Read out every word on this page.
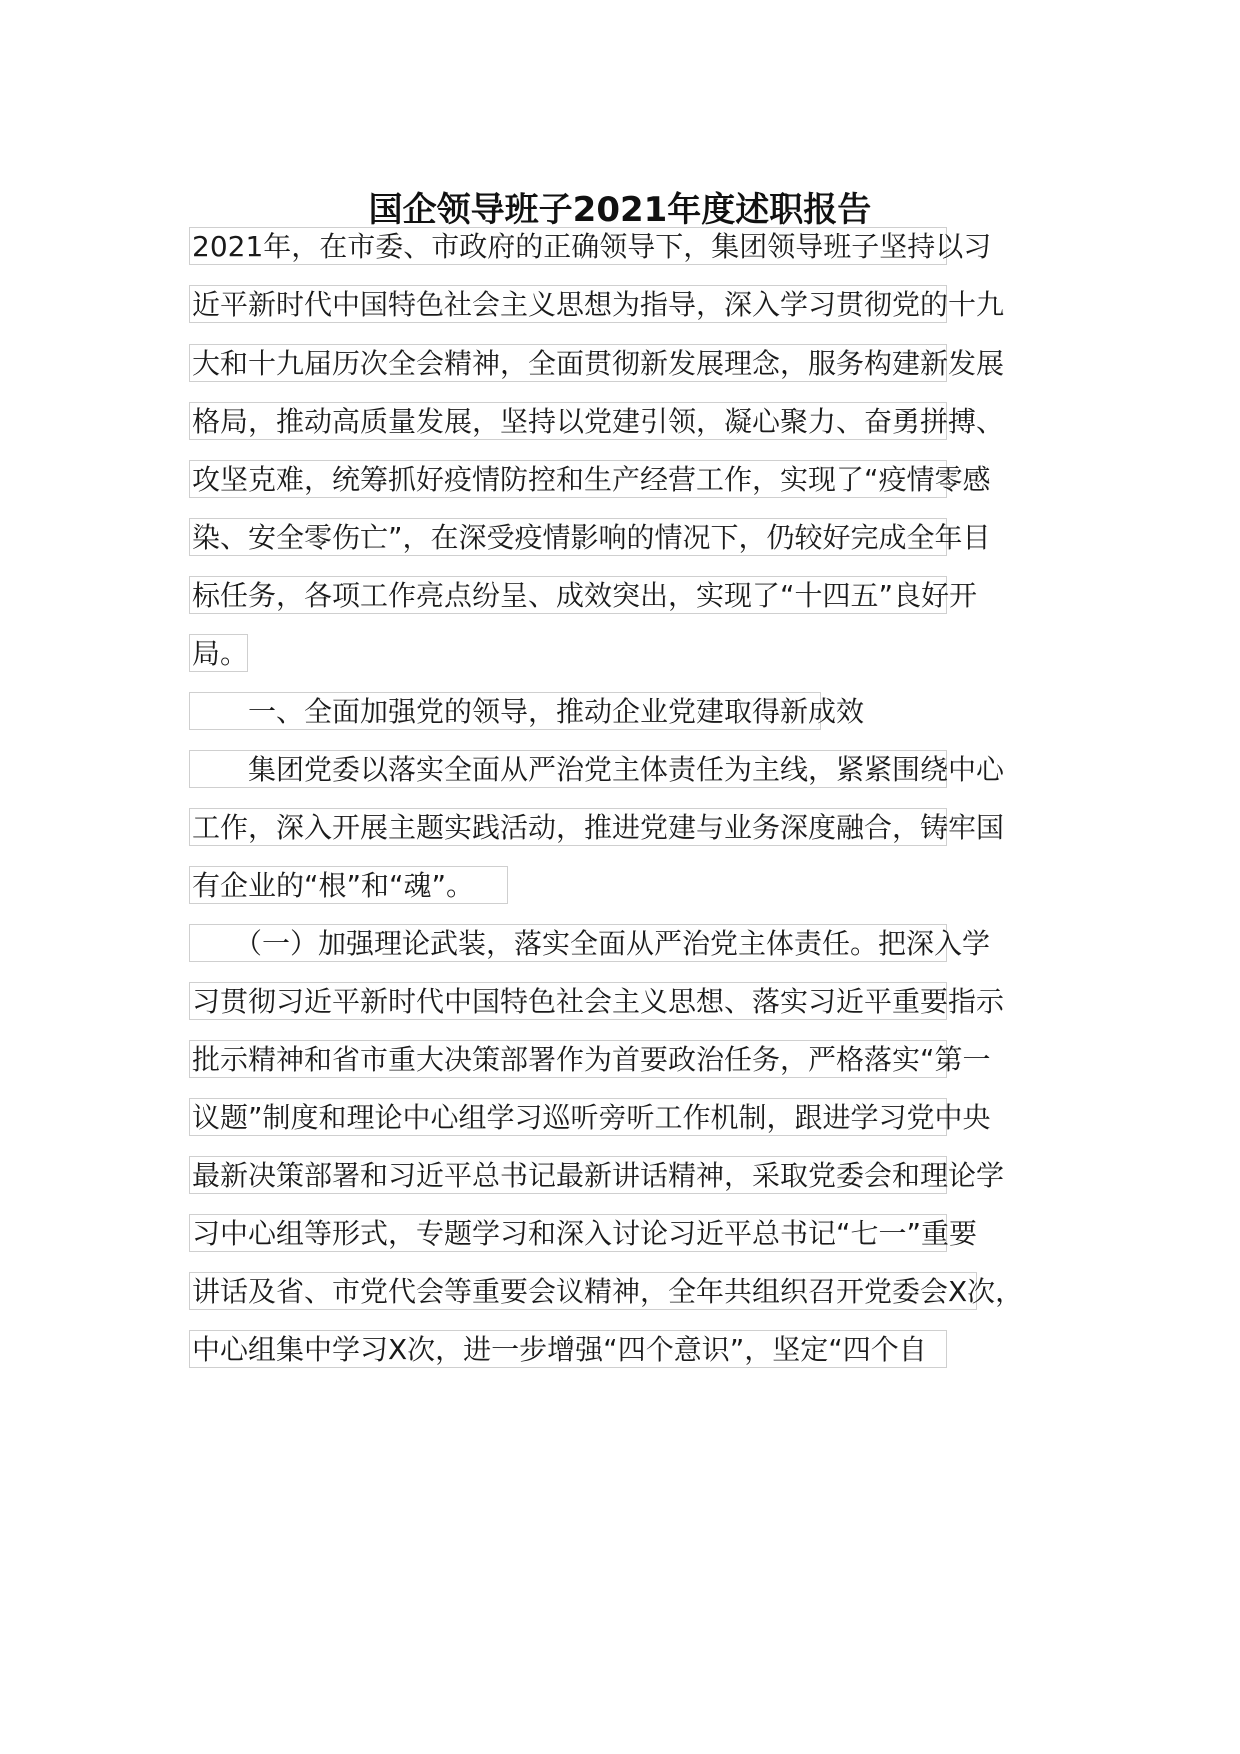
国企领导班子2021年度述职报告
2021年，在市委、市政府的正确领导下，集团领导班子坚持以习
近平新时代中国特色社会主义思想为指导，深入学习贯彻党的十九
大和十九届历次全会精神，全面贯彻新发展理念，服务构建新发展
格局，推动高质量发展，坚持以党建引领，凝心聚力、奋勇拼搏、
攻坚克难，统筹抓好疫情防控和生产经营工作，实现了“疫情零感
染、安全零伤亡”，在深受疫情影响的情况下，仍较好完成全年目
标任务，各项工作亮点纷呈、成效突出，实现了“十四五”良好开
局。
　　一、全面加强党的领导，推动企业党建取得新成效
　　集团党委以落实全面从严治党主体责任为主线，紧紧围绕中心
工作，深入开展主题实践活动，推进党建与业务深度融合，铸牢国
有企业的“根”和“魂”。
　　（一）加强理论武装，落实全面从严治党主体责任。把深入学
习贯彻习近平新时代中国特色社会主义思想、落实习近平重要指示
批示精神和省市重大决策部署作为首要政治任务，严格落实“第一
议题”制度和理论中心组学习巡听旁听工作机制，跟进学习党中央
最新决策部署和习近平总书记最新讲话精神，采取党委会和理论学
习中心组等形式，专题学习和深入讨论习近平总书记“七一”重要
讲话及省、市党代会等重要会议精神，全年共组织召开党委会X次，
中心组集中学习X次，进一步增强“四个意识”，坚定“四个自
